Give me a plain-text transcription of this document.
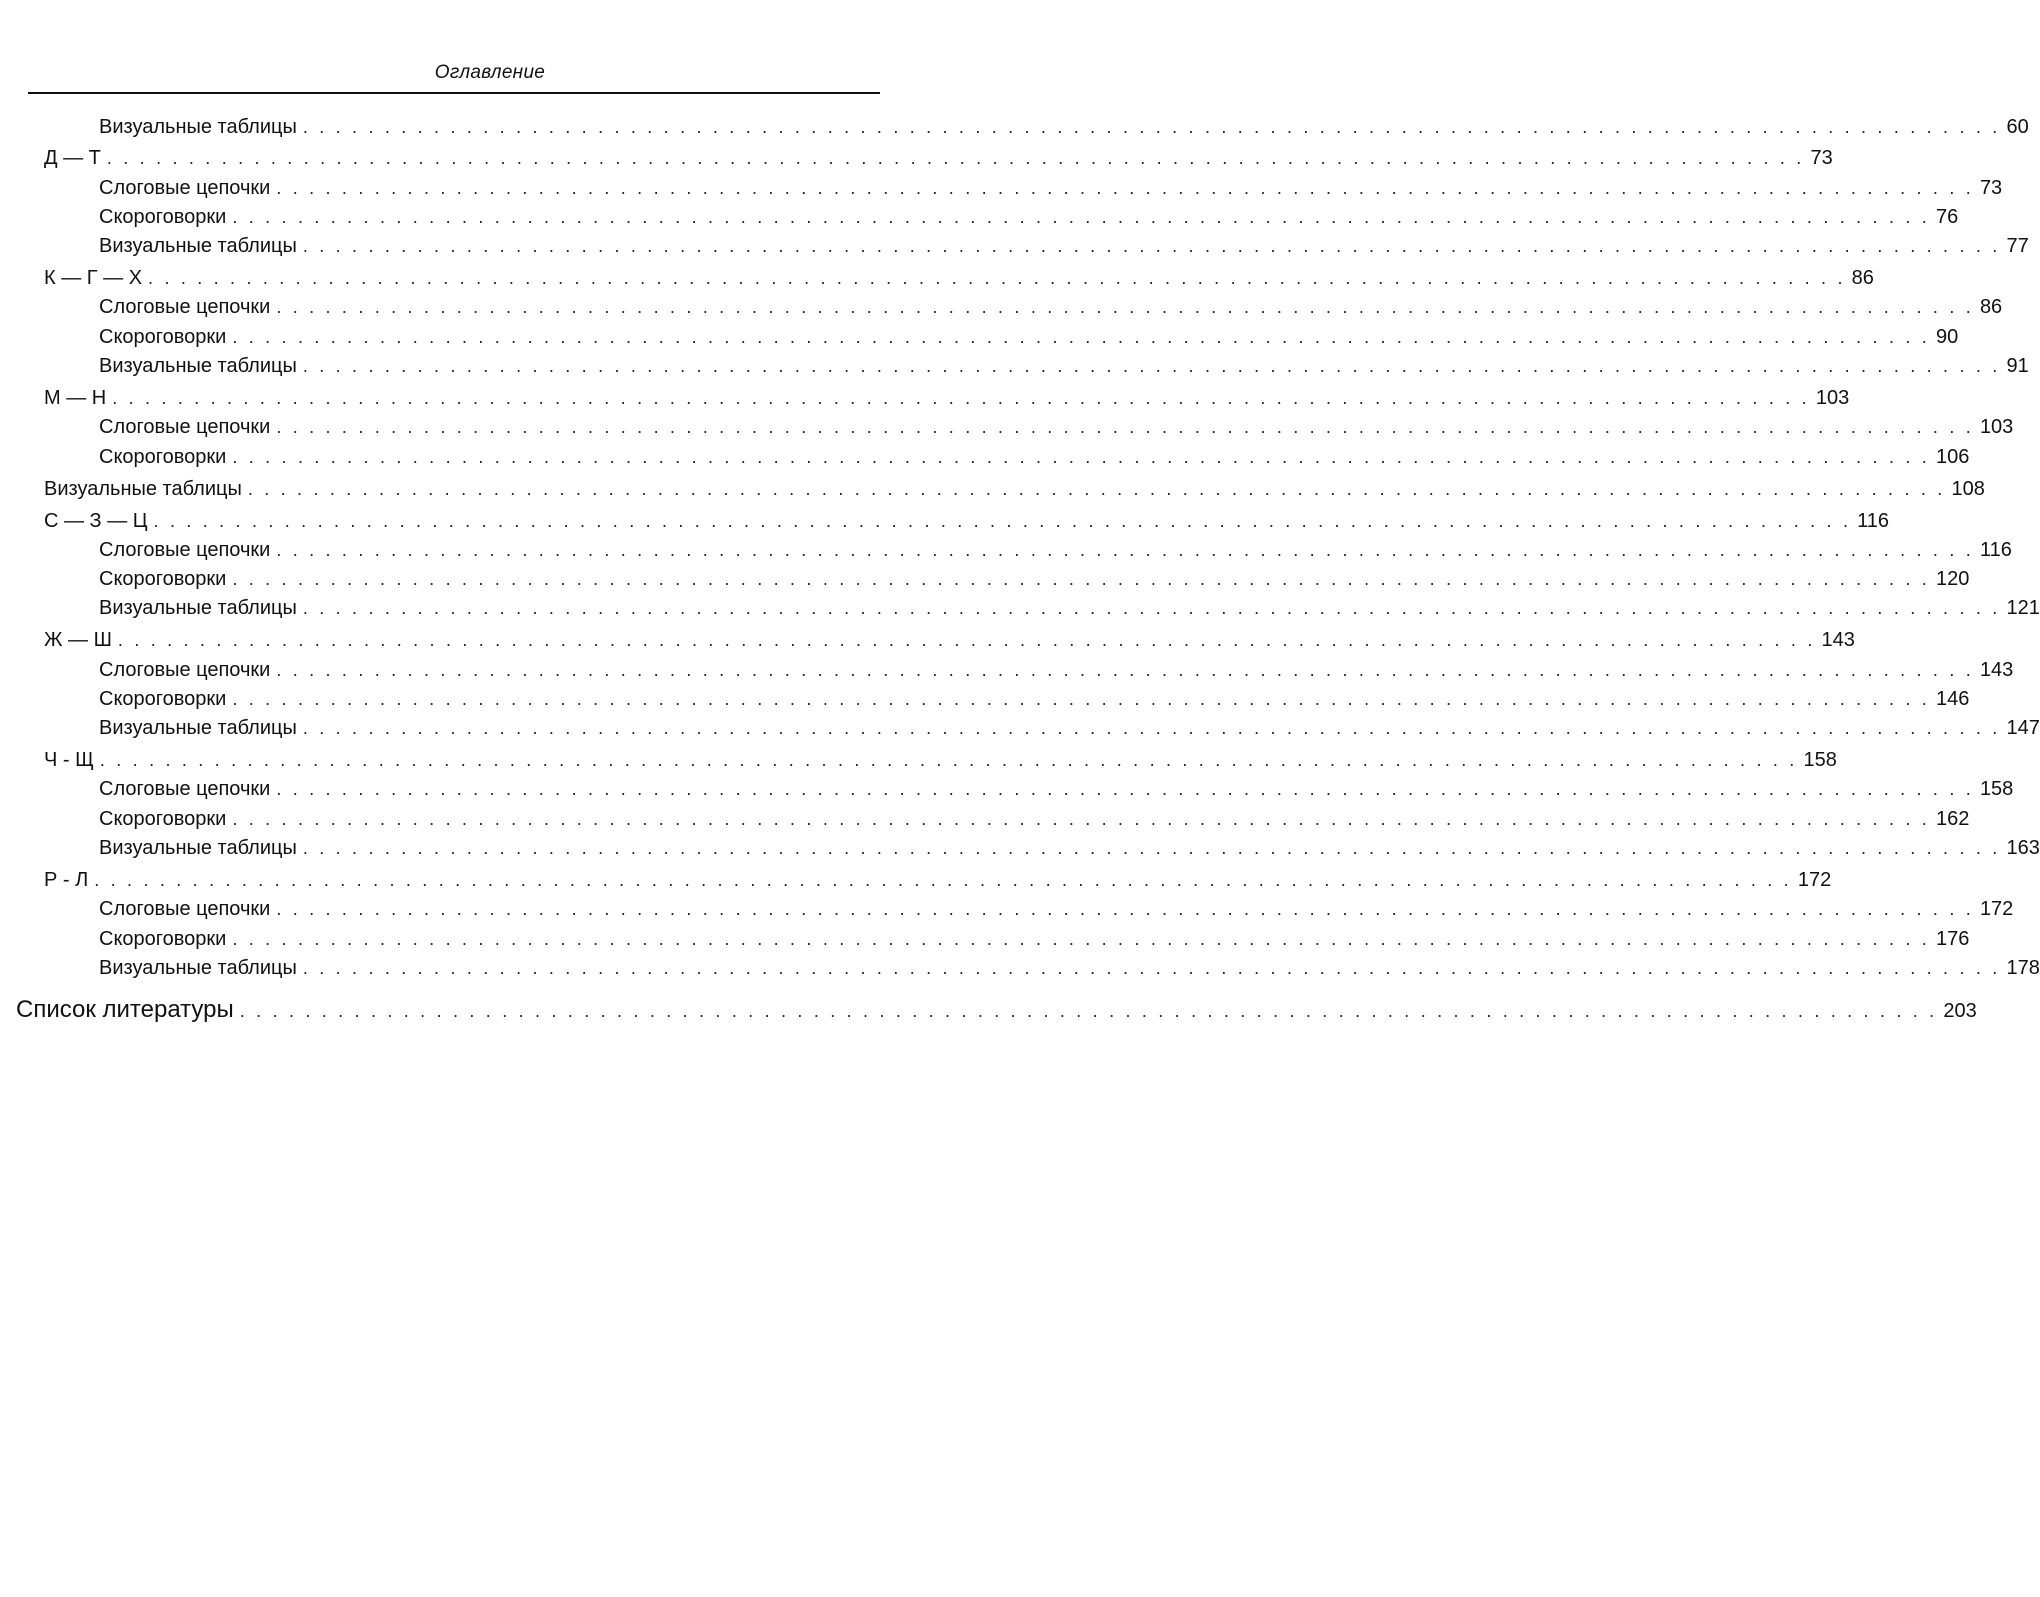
Оглавление
Визуальные таблицы . . . . . . . . . . . . . . . . . . . . . . . . . . . . . . . . . . . . . . . . . . . . . . . . . . . . . . . . . . . . . . . . . . . . . . . . . . . . . . . . . . . . . . . . . . . . . . . . . . . . . . . . 60
Д — Т . . . . . . . . . . . . . . . . . . . . . . . . . . . . . . . . . . . . . . . . . . . . . . . . . . . . . . . . . . . . . . . . . . . . . . . . . . . . . . . . . . . . . . . . . . . . . . . . . . . . . . . . 73
Слоговые цепочки . . . . . . . . . . . . . . . . . . . . . . . . . . . . . . . . . . . . . . . . . . . . . . . . . . . . . . . . . . . . . . . . . . . . . . . . . . . . . . . . . . . . . . . . . . . . . . . . . . . . . . . . 73
Скороговорки . . . . . . . . . . . . . . . . . . . . . . . . . . . . . . . . . . . . . . . . . . . . . . . . . . . . . . . . . . . . . . . . . . . . . . . . . . . . . . . . . . . . . . . . . . . . . . . . . . . . . . . . 76
Визуальные таблицы . . . . . . . . . . . . . . . . . . . . . . . . . . . . . . . . . . . . . . . . . . . . . . . . . . . . . . . . . . . . . . . . . . . . . . . . . . . . . . . . . . . . . . . . . . . . . . . . . . . . . . . . 77
К — Г — Х . . . . . . . . . . . . . . . . . . . . . . . . . . . . . . . . . . . . . . . . . . . . . . . . . . . . . . . . . . . . . . . . . . . . . . . . . . . . . . . . . . . . . . . . . . . . . . . . . . . . . . . . 86
Слоговые цепочки . . . . . . . . . . . . . . . . . . . . . . . . . . . . . . . . . . . . . . . . . . . . . . . . . . . . . . . . . . . . . . . . . . . . . . . . . . . . . . . . . . . . . . . . . . . . . . . . . . . . . . . . 86
Скороговорки . . . . . . . . . . . . . . . . . . . . . . . . . . . . . . . . . . . . . . . . . . . . . . . . . . . . . . . . . . . . . . . . . . . . . . . . . . . . . . . . . . . . . . . . . . . . . . . . . . . . . . . . 90
Визуальные таблицы . . . . . . . . . . . . . . . . . . . . . . . . . . . . . . . . . . . . . . . . . . . . . . . . . . . . . . . . . . . . . . . . . . . . . . . . . . . . . . . . . . . . . . . . . . . . . . . . . . . . . . . . 91
М — Н . . . . . . . . . . . . . . . . . . . . . . . . . . . . . . . . . . . . . . . . . . . . . . . . . . . . . . . . . . . . . . . . . . . . . . . . . . . . . . . . . . . . . . . . . . . . . . . . . . . . . . . . 103
Слоговые цепочки . . . . . . . . . . . . . . . . . . . . . . . . . . . . . . . . . . . . . . . . . . . . . . . . . . . . . . . . . . . . . . . . . . . . . . . . . . . . . . . . . . . . . . . . . . . . . . . . . . . . . . . . 103
Скороговорки . . . . . . . . . . . . . . . . . . . . . . . . . . . . . . . . . . . . . . . . . . . . . . . . . . . . . . . . . . . . . . . . . . . . . . . . . . . . . . . . . . . . . . . . . . . . . . . . . . . . . . . . 106
Визуальные таблицы . . . . . . . . . . . . . . . . . . . . . . . . . . . . . . . . . . . . . . . . . . . . . . . . . . . . . . . . . . . . . . . . . . . . . . . . . . . . . . . . . . . . . . . . . . . . . . . . . . . . . . . . 108
С — З — Ц . . . . . . . . . . . . . . . . . . . . . . . . . . . . . . . . . . . . . . . . . . . . . . . . . . . . . . . . . . . . . . . . . . . . . . . . . . . . . . . . . . . . . . . . . . . . . . . . . . . . . . . . 116
Слоговые цепочки . . . . . . . . . . . . . . . . . . . . . . . . . . . . . . . . . . . . . . . . . . . . . . . . . . . . . . . . . . . . . . . . . . . . . . . . . . . . . . . . . . . . . . . . . . . . . . . . . . . . . . . . 116
Скороговорки . . . . . . . . . . . . . . . . . . . . . . . . . . . . . . . . . . . . . . . . . . . . . . . . . . . . . . . . . . . . . . . . . . . . . . . . . . . . . . . . . . . . . . . . . . . . . . . . . . . . . . . . 120
Визуальные таблицы . . . . . . . . . . . . . . . . . . . . . . . . . . . . . . . . . . . . . . . . . . . . . . . . . . . . . . . . . . . . . . . . . . . . . . . . . . . . . . . . . . . . . . . . . . . . . . . . . . . . . . . . 121
Ж — Ш . . . . . . . . . . . . . . . . . . . . . . . . . . . . . . . . . . . . . . . . . . . . . . . . . . . . . . . . . . . . . . . . . . . . . . . . . . . . . . . . . . . . . . . . . . . . . . . . . . . . . . . . 143
Слоговые цепочки . . . . . . . . . . . . . . . . . . . . . . . . . . . . . . . . . . . . . . . . . . . . . . . . . . . . . . . . . . . . . . . . . . . . . . . . . . . . . . . . . . . . . . . . . . . . . . . . . . . . . . . . 143
Скороговорки . . . . . . . . . . . . . . . . . . . . . . . . . . . . . . . . . . . . . . . . . . . . . . . . . . . . . . . . . . . . . . . . . . . . . . . . . . . . . . . . . . . . . . . . . . . . . . . . . . . . . . . . 146
Визуальные таблицы . . . . . . . . . . . . . . . . . . . . . . . . . . . . . . . . . . . . . . . . . . . . . . . . . . . . . . . . . . . . . . . . . . . . . . . . . . . . . . . . . . . . . . . . . . . . . . . . . . . . . . . . 147
Ч - Щ . . . . . . . . . . . . . . . . . . . . . . . . . . . . . . . . . . . . . . . . . . . . . . . . . . . . . . . . . . . . . . . . . . . . . . . . . . . . . . . . . . . . . . . . . . . . . . . . . . . . . . . . 158
Слоговые цепочки . . . . . . . . . . . . . . . . . . . . . . . . . . . . . . . . . . . . . . . . . . . . . . . . . . . . . . . . . . . . . . . . . . . . . . . . . . . . . . . . . . . . . . . . . . . . . . . . . . . . . . . . 158
Скороговорки . . . . . . . . . . . . . . . . . . . . . . . . . . . . . . . . . . . . . . . . . . . . . . . . . . . . . . . . . . . . . . . . . . . . . . . . . . . . . . . . . . . . . . . . . . . . . . . . . . . . . . . . 162
Визуальные таблицы . . . . . . . . . . . . . . . . . . . . . . . . . . . . . . . . . . . . . . . . . . . . . . . . . . . . . . . . . . . . . . . . . . . . . . . . . . . . . . . . . . . . . . . . . . . . . . . . . . . . . . . . 163
Р - Л . . . . . . . . . . . . . . . . . . . . . . . . . . . . . . . . . . . . . . . . . . . . . . . . . . . . . . . . . . . . . . . . . . . . . . . . . . . . . . . . . . . . . . . . . . . . . . . . . . . . . . . . 172
Слоговые цепочки . . . . . . . . . . . . . . . . . . . . . . . . . . . . . . . . . . . . . . . . . . . . . . . . . . . . . . . . . . . . . . . . . . . . . . . . . . . . . . . . . . . . . . . . . . . . . . . . . . . . . . . . 172
Скороговорки . . . . . . . . . . . . . . . . . . . . . . . . . . . . . . . . . . . . . . . . . . . . . . . . . . . . . . . . . . . . . . . . . . . . . . . . . . . . . . . . . . . . . . . . . . . . . . . . . . . . . . . . 176
Визуальные таблицы . . . . . . . . . . . . . . . . . . . . . . . . . . . . . . . . . . . . . . . . . . . . . . . . . . . . . . . . . . . . . . . . . . . . . . . . . . . . . . . . . . . . . . . . . . . . . . . . . . . . . . . . 178
Список литературы . . . . . . . . . . . . . . . . . . . . . . . . . . . . . . . . . . . . . . . . . . . . . . . . . . . . . . . . . . . . . . . . . . . . . . . . . . . . . . . . . . . . . . . . . . . . . . . . . . . . . . . . 203
